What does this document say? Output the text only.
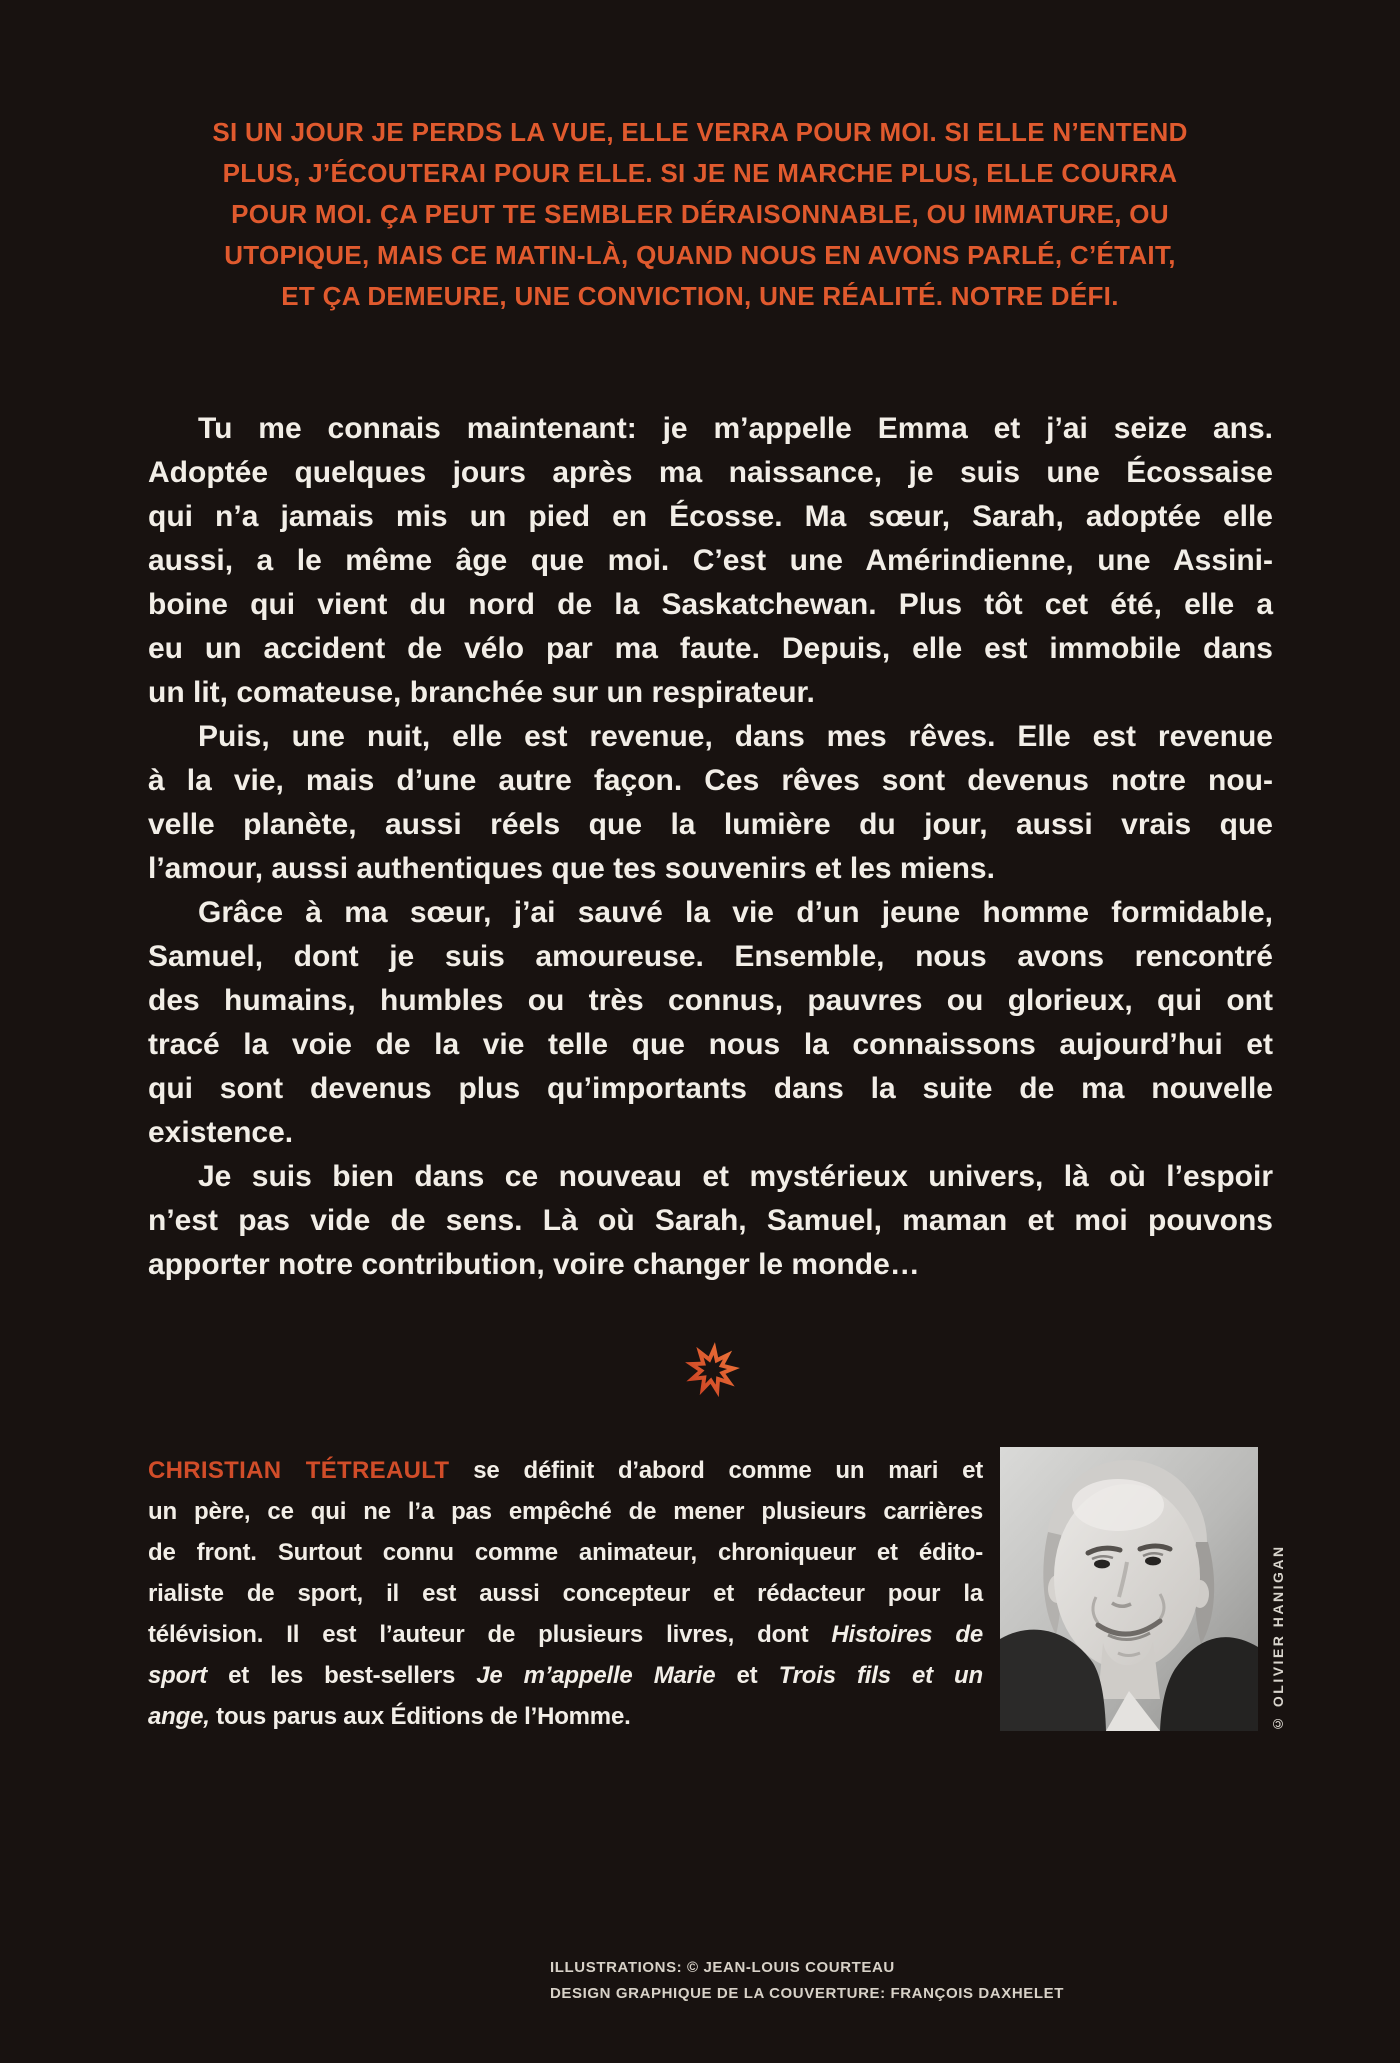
SI UN JOUR JE PERDS LA VUE, ELLE VERRA POUR MOI. SI ELLE N’ENTEND
PLUS, J’ÉCOUTERAI POUR ELLE. SI JE NE MARCHE PLUS, ELLE COURRA
POUR MOI. ÇA PEUT TE SEMBLER DÉRAISONNABLE, OU IMMATURE, OU
UTOPIQUE, MAIS CE MATIN-LÀ, QUAND NOUS EN AVONS PARLÉ, C’ÉTAIT,
ET ÇA DEMEURE, UNE CONVICTION, UNE RÉALITÉ. NOTRE DÉFI.
Tu me connais maintenant: je m’appelle Emma et j’ai seize ans.
Adoptée quelques jours après ma naissance, je suis une Écossaise
qui n’a jamais mis un pied en Écosse. Ma sœur, Sarah, adoptée elle
aussi, a le même âge que moi. C’est une Amérindienne, une Assini-
boine qui vient du nord de la Saskatchewan. Plus tôt cet été, elle a
eu un accident de vélo par ma faute. Depuis, elle est immobile dans
un lit, comateuse, branchée sur un respirateur.
Puis, une nuit, elle est revenue, dans mes rêves. Elle est revenue
à la vie, mais d’une autre façon. Ces rêves sont devenus notre nou-
velle planète, aussi réels que la lumière du jour, aussi vrais que
l’amour, aussi authentiques que tes souvenirs et les miens.
Grâce à ma sœur, j’ai sauvé la vie d’un jeune homme formidable,
Samuel, dont je suis amoureuse. Ensemble, nous avons rencontré
des humains, humbles ou très connus, pauvres ou glorieux, qui ont
tracé la voie de la vie telle que nous la connaissons aujourd’hui et
qui sont devenus plus qu’importants dans la suite de ma nouvelle
existence.
Je suis bien dans ce nouveau et mystérieux univers, là où l’espoir
n’est pas vide de sens. Là où Sarah, Samuel, maman et moi pouvons
apporter notre contribution, voire changer le monde…
CHRISTIAN TÉTREAULT se définit d’abord comme un mari et
un père, ce qui ne l’a pas empêché de mener plusieurs carrières
de front. Surtout connu comme animateur, chroniqueur et édito-
rialiste de sport, il est aussi concepteur et rédacteur pour la
télévision. Il est l’auteur de plusieurs livres, dont Histoires de
sport et les best-sellers Je m’appelle Marie et Trois fils et un
ange, tous parus aux Éditions de l’Homme.	© OLIVIER HANIGAN
ILLUSTRATIONS: © JEAN-LOUIS COURTEAU
DESIGN GRAPHIQUE DE LA COUVERTURE: FRANÇOIS DAXHELET
